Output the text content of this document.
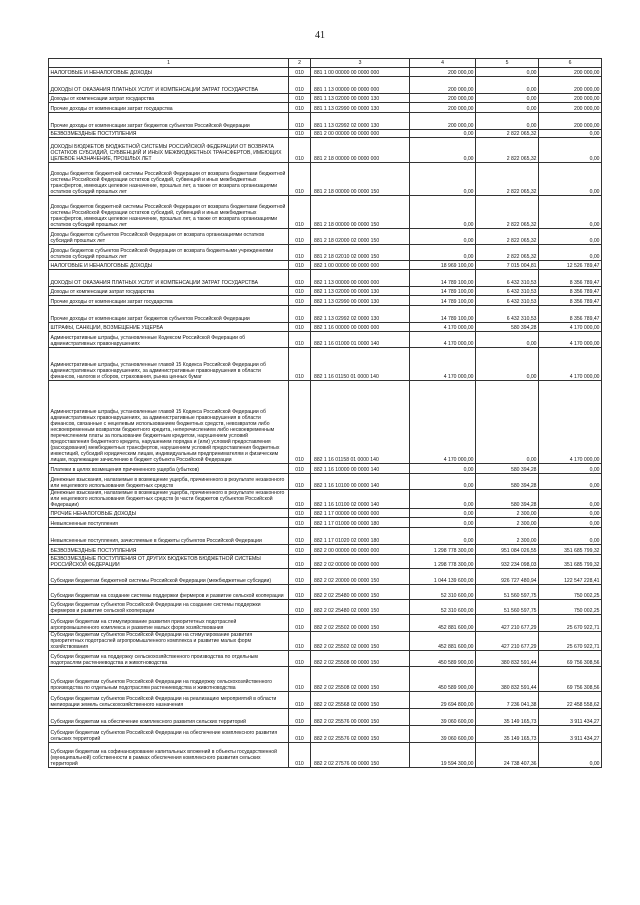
41
1	2	3	4	5	6
НАЛОГОВЫЕ И НЕНАЛОГОВЫЕ ДОХОДЫ	010	881 1 00 00000 00 0000 000	200 000,00	0,00	200 000,00
ДОХОДЫ ОТ ОКАЗАНИЯ ПЛАТНЫХ УСЛУГ И КОМПЕНСАЦИИ ЗАТРАТ ГОСУДАРСТВА	010	881 1 13 00000 00 0000 000	200 000,00	0,00	200 000,00
Доходы от компенсации затрат государства	010	881 1 13 02000 00 0000 130	200 000,00	0,00	200 000,00
Прочие доходы от компенсации затрат государства	010	881 1 13 02990 00 0000 130	200 000,00	0,00	200 000,00
Прочие доходы от компенсации затрат бюджетов субъектов Российской Федерации	010	881 1 13 02992 02 0000 130	200 000,00	0,00	200 000,00
БЕЗВОЗМЕЗДНЫЕ ПОСТУПЛЕНИЯ	010	881 2 00 00000 00 0000 000	0,00	2 822 065,32	0,00
ДОХОДЫ БЮДЖЕТОВ БЮДЖЕТНОЙ СИСТЕМЫ РОССИЙСКОЙ ФЕДЕРАЦИИ ОТ ВОЗВРАТА ОСТАТКОВ СУБСИДИЙ, СУБВЕНЦИЙ И ИНЫХ МЕЖБЮДЖЕТНЫХ ТРАНСФЕРТОВ, ИМЕЮЩИХ ЦЕЛЕВОЕ НАЗНАЧЕНИЕ, ПРОШЛЫХ ЛЕТ	010	881 2 18 00000 00 0000 000	0,00	2 822 065,32	0,00
Доходы бюджетов бюджетной системы Российской Федерации от возврата бюджетами бюджетной системы Российской Федерации остатков субсидий, субвенций и иных межбюджетных трансфертов, имеющих целевое назначение, прошлых лет, а также от возврата организациями остатков субсидий прошлых лет	010	881 2 18 00000 00 0000 150	0,00	2 822 065,32	0,00
Доходы бюджетов бюджетной системы Российской Федерации от возврата бюджетами бюджетной системы Российской Федерации остатков субсидий, субвенций и иных межбюджетных трансфертов, имеющих целевое назначение, прошлых лет, а также от возврата организациями остатков субсидий прошлых лет	010	881 2 18 00000 00 0000 150	0,00	2 822 065,32	0,00
Доходы бюджетов субъектов Российской Федерации от возврата организациями остатков субсидий прошлых лет	010	881 2 18 02000 02 0000 150	0,00	2 822 065,32	0,00
Доходы бюджетов субъектов Российской Федерации от возврата бюджетными учреждениями остатков субсидий прошлых лет	010	881 2 18 02010 02 0000 150	0,00	2 822 065,32	0,00
НАЛОГОВЫЕ И НЕНАЛОГОВЫЕ ДОХОДЫ	010	882 1 00 00000 00 0000 000	18 969 100,00	7 015 004,81	12 526 789,47
ДОХОДЫ ОТ ОКАЗАНИЯ ПЛАТНЫХ УСЛУГ И КОМПЕНСАЦИИ ЗАТРАТ ГОСУДАРСТВА	010	882 1 13 00000 00 0000 000	14 789 100,00	6 432 310,53	8 356 789,47
Доходы от компенсации затрат государства	010	882 1 13 02000 00 0000 130	14 789 100,00	6 432 310,53	8 356 789,47
Прочие доходы от компенсации затрат государства	010	882 1 13 02990 00 0000 130	14 789 100,00	6 432 310,53	8 356 789,47
Прочие доходы от компенсации затрат бюджетов субъектов Российской Федерации	010	882 1 13 02992 02 0000 130	14 789 100,00	6 432 310,53	8 356 789,47
ШТРАФЫ, САНКЦИИ, ВОЗМЕЩЕНИЕ УЩЕРБА	010	882 1 16 00000 00 0000 000	4 170 000,00	580 394,28	4 170 000,00
Административные штрафы, установленные Кодексом Российской Федерации об административных правонарушениях	010	882 1 16 01000 01 0000 140	4 170 000,00	0,00	4 170 000,00
Административные штрафы, установленные главой 15 Кодекса Российской Федерации об административных правонарушениях, за административные правонарушения в области финансов, налогов и сборов, страхования, рынка ценных бумаг	010	882 1 16 01150 01 0000 140	4 170 000,00	0,00	4 170 000,00
Административные штрафы, установленные главой 15 Кодекса Российской Федерации об административных правонарушениях, за административные правонарушения в области финансов, связанные с нецелевым использованием бюджетных средств, невозвратом либо несвоевременным возвратом бюджетного кредита, неперечислением либо несвоевременным перечислением платы за пользование бюджетным кредитом, нарушением условий предоставления бюджетного кредита, нарушением порядка и (или) условий предоставления (расходования) межбюджетных трансфертов, нарушением условий предоставления бюджетных инвестиций, субсидий юридическим лицам, индивидуальным предпринимателям и физическим лицам, подлежащие зачислению в бюджет субъекта Российской Федерации	010	882 1 16 01158 01 0000 140	4 170 000,00	0,00	4 170 000,00
Платежи в целях возмещения причиненного ущерба (убытков)	010	882 1 16 10000 00 0000 140	0,00	580 394,28	0,00
Денежные взыскания, налагаемые в возмещение ущерба, причиненного в результате незаконного или нецелевого использования бюджетных средств	010	882 1 16 10100 00 0000 140	0,00	580 394,28	0,00
Денежные взыскания, налагаемые в возмещение ущерба, причиненного в результате незаконного или нецелевого использования бюджетных средств (в части бюджетов субъектов Российской Федерации)	010	882 1 16 10100 02 0000 140	0,00	580 394,28	0,00
ПРОЧИЕ НЕНАЛОГОВЫЕ ДОХОДЫ	010	882 1 17 00000 00 0000 000	0,00	2 300,00	0,00
Невыясненные поступления	010	882 1 17 01000 00 0000 180	0,00	2 300,00	0,00
Невыясненные поступления, зачисляемые в бюджеты субъектов Российской Федерации	010	882 1 17 01020 02 0000 180	0,00	2 300,00	0,00
БЕЗВОЗМЕЗДНЫЕ ПОСТУПЛЕНИЯ	010	882 2 00 00000 00 0000 000	1 298 778 300,00	951 084 026,55	351 685 799,32
БЕЗВОЗМЕЗДНЫЕ ПОСТУПЛЕНИЯ ОТ ДРУГИХ БЮДЖЕТОВ БЮДЖЕТНОЙ СИСТЕМЫ РОССИЙСКОЙ ФЕДЕРАЦИИ	010	882 2 02 00000 00 0000 000	1 298 778 300,00	932 234 098,03	351 685 799,32
Субсидии бюджетам бюджетной системы Российской Федерации (межбюджетные субсидии)	010	882 2 02 20000 00 0000 150	1 044 139 600,00	926 727 480,94	122 547 228,41
Субсидии бюджетам на создание системы поддержки фермеров и развитие сельской кооперации	010	882 2 02 25480 00 0000 150	52 310 600,00	51 560 597,75	750 002,25
Субсидии бюджетам субъектов Российской Федерации на создание системы поддержки фермеров и развитие сельской кооперации	010	882 2 02 25480 02 0000 150	52 310 600,00	51 560 597,75	750 002,25
Субсидии бюджетам на стимулирование развития приоритетных подотраслей агропромышленного комплекса и развитие малых форм хозяйствования	010	882 2 02 25502 00 0000 150	452 881 600,00	427 210 677,29	25 670 922,71
Субсидии бюджетам субъектов Российской Федерации на стимулирование развития приоритетных подотраслей агропромышленного комплекса и развитие малых форм хозяйствования	010	882 2 02 25502 02 0000 150	452 881 600,00	427 210 677,29	25 670 922,71
Субсидии бюджетам на поддержку сельскохозяйственного производства по отдельным подотраслям растениеводства и животноводства	010	882 2 02 25508 00 0000 150	450 589 900,00	380 832 591,44	69 756 308,56
Субсидии бюджетам субъектов Российской Федерации на поддержку сельскохозяйственного производства по отдельным подотраслям растениеводства и животноводства	010	882 2 02 25508 02 0000 150	450 589 900,00	380 832 591,44	69 756 308,56
Субсидии бюджетам субъектов Российской Федерации на реализацию мероприятий в области мелиорации земель сельскохозяйственного назначения	010	882 2 02 25568 02 0000 150	29 694 800,00	7 236 041,38	22 458 558,62
Субсидии бюджетам на обеспечение комплексного развития сельских территорий	010	882 2 02 25576 00 0000 150	39 060 600,00	35 149 165,73	3 911 434,27
Субсидии бюджетам субъектов Российской Федерации на обеспечение комплексного развития сельских территорий	010	882 2 02 25576 02 0000 150	39 060 600,00	35 149 165,73	3 911 434,27
Субсидии бюджетам на софинансирование капитальных вложений в объекты государственной (муниципальной) собственности в рамках обеспечения комплексного развития сельских территорий	010	882 2 02 27576 00 0000 150	19 594 300,00	24 738 407,36	0,00
